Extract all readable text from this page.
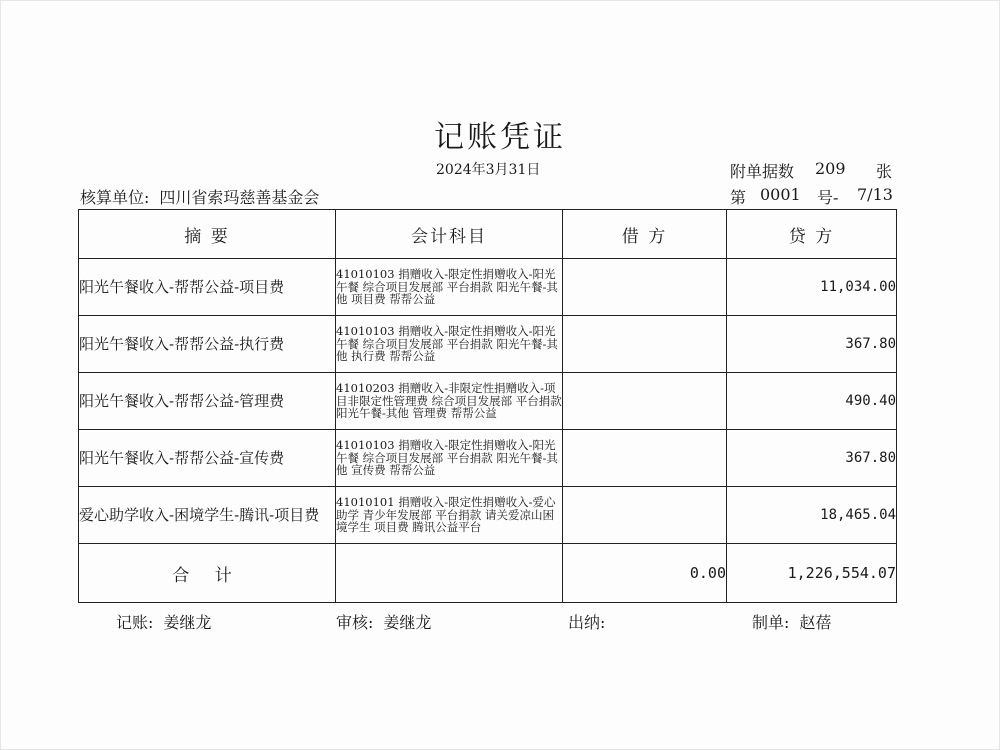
记账凭证
2024年3月31日	附单据数 209 张
核算单位: 四川省索玛慈善基金会	第 0001 号- 7/13
摘 要	会计科目	借 方	贷 方
阳光午餐收入-帮帮公益-项目费	41010103 捐赠收入-限定性捐赠收入-阳光午餐 综合项目发展部 平台捐款 阳光午餐-其他 项目费 帮帮公益		11,034.00
阳光午餐收入-帮帮公益-执行费	41010103 捐赠收入-限定性捐赠收入-阳光午餐 综合项目发展部 平台捐款 阳光午餐-其他 执行费 帮帮公益		367.80
阳光午餐收入-帮帮公益-管理费	41010203 捐赠收入-非限定性捐赠收入-项目非限定性管理费 综合项目发展部 平台捐款 阳光午餐-其他 管理费 帮帮公益		490.40
阳光午餐收入-帮帮公益-宣传费	41010103 捐赠收入-限定性捐赠收入-阳光午餐 综合项目发展部 平台捐款 阳光午餐-其他 宣传费 帮帮公益		367.80
爱心助学收入-困境学生-腾讯-项目费	41010101 捐赠收入-限定性捐赠收入-爱心助学 青少年发展部 平台捐款 请关爱凉山困境学生 项目费 腾讯公益平台		18,465.04
合 计		0.00	1,226,554.07
记账: 姜继龙	审核: 姜继龙	出纳:	制单: 赵蓓
